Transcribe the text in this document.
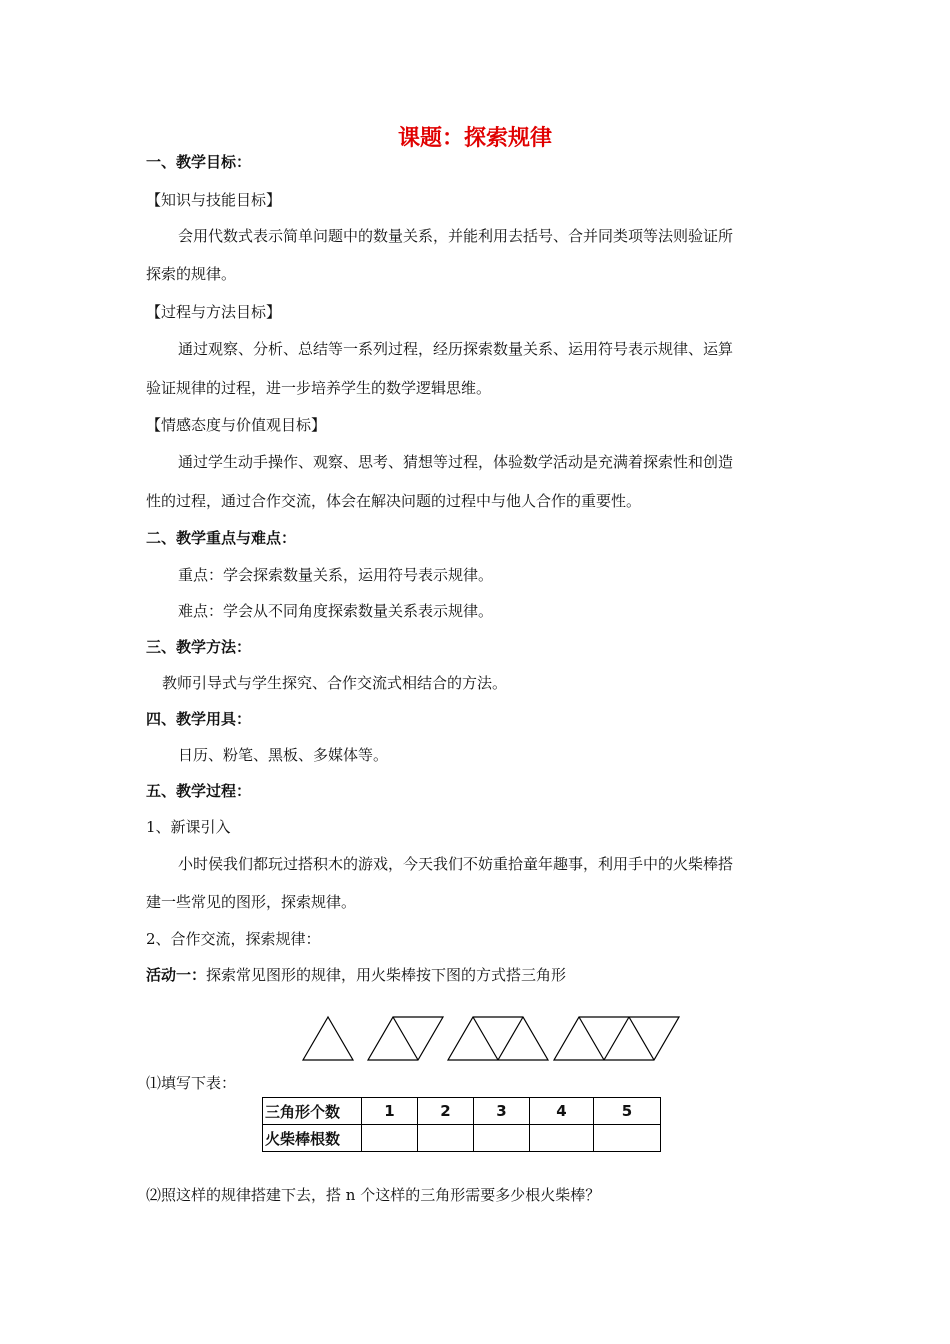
课题：探索规律
一、教学目标：
【知识与技能目标】
会用代数式表示简单问题中的数量关系，并能利用去括号、合并同类项等法则验证所
探索的规律。
【过程与方法目标】
通过观察、分析、总结等一系列过程，经历探索数量关系、运用符号表示规律、运算
验证规律的过程，进一步培养学生的数学逻辑思维。
【情感态度与价值观目标】
通过学生动手操作、观察、思考、猜想等过程，体验数学活动是充满着探索性和创造
性的过程，通过合作交流，体会在解决问题的过程中与他人合作的重要性。
二、教学重点与难点：
重点：学会探索数量关系，运用符号表示规律。
难点：学会从不同角度探索数量关系表示规律。
三、教学方法：
教师引导式与学生探究、合作交流式相结合的方法。
四、教学用具：
日历、粉笔、黑板、多媒体等。
五、教学过程：
1、新课引入
小时侯我们都玩过搭积木的游戏，今天我们不妨重拾童年趣事，利用手中的火柴棒搭
建一些常见的图形，探索规律。
2、合作交流，探索规律：
活动一：探索常见图形的规律，用火柴棒按下图的方式搭三角形
⑴填写下表：
三角形个数	1	2	3	4	5
火柴棒根数					
⑵照这样的规律搭建下去，搭 n 个这样的三角形需要多少根火柴棒？
